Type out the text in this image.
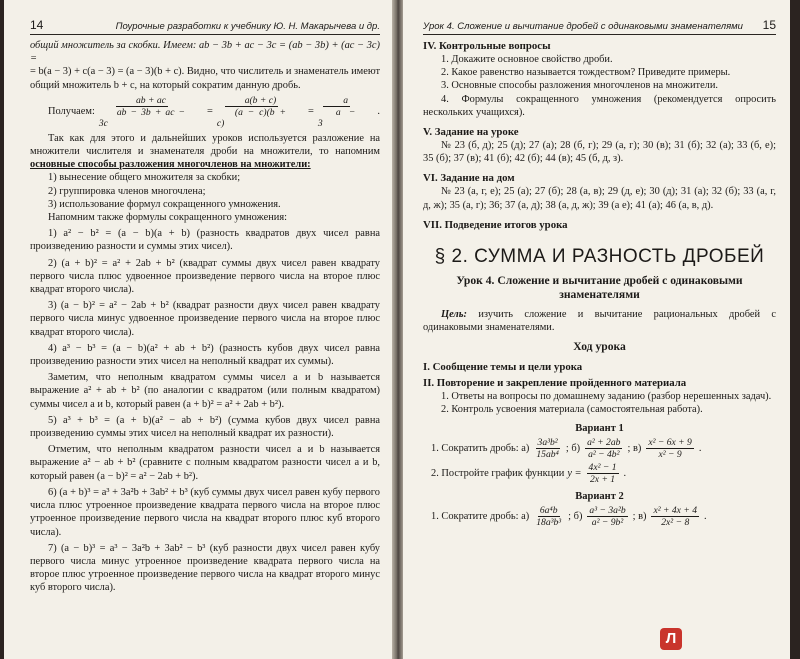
14	Поурочные разработки к учебнику Ю. Н. Макарычева и др.

общий множитель за скобки. Имеем: ab − 3b + ac − 3c = (ab − 3b) + (ac − 3c) =

= b(a − 3) + c(a − 3) = (a − 3)(b + c). Видно, что числитель и знаменатель имеют общий множитель b + c, на который сократим данную дробь.

Получаем: $\frac{ab + ac}{ab - 3b + ac - 3c} = \frac{a(b + c)}{(a - c)(b + c)} = \frac{a}{a - 3}$ .

Так как для этого и дальнейших уроков используется разложение на множители числителя и знаменателя дроби на множители, то напомним основные способы разложения многочленов на множители:

1) вынесение общего множителя за скобки;

2) группировка членов многочлена;

3) использование формул сокращенного умножения.

Напомним также формулы сокращенного умножения:

1) a² − b² = (a − b)(a + b) (разность квадратов двух чисел равна произведению разности и суммы этих чисел).

2) (a + b)² = a² + 2ab + b² (квадрат суммы двух чисел равен квадрату первого числа плюс удвоенное произведение первого числа на второе плюс квадрат второго числа).

3) (a − b)² = a² − 2ab + b² (квадрат разности двух чисел равен квадрату первого числа минус удвоенное произведение первого числа на второе плюс квадрат второго числа).

4) a³ − b³ = (a − b)(a² + ab + b²) (разность кубов двух чисел равна произведению разности этих чисел на неполный квадрат их суммы).

Заметим, что неполным квадратом суммы чисел a и b называется выражение a² + ab + b² (по аналогии с квадратом (или полным квадратом) суммы чисел a и b, который равен (a + b)² = a² + 2ab + b²).

5) a³ + b³ = (a + b)(a² − ab + b²) (сумма кубов двух чисел равна произведению суммы этих чисел на неполный квадрат их разности).

Отметим, что неполным квадратом разности чисел a и b называется выражение a² − ab + b² (сравните с полным квадратом разности чисел a и b, который равен (a − b)² = a² − 2ab + b²).

6) (a + b)³ = a³ + 3a²b + 3ab² + b³ (куб суммы двух чисел равен кубу первого числа плюс утроенное произведение квадрата первого числа на второе плюс утроенное произведение первого числа на квадрат второго плюс куб второго числа).

7) (a − b)³ = a³ − 3a²b + 3ab² − b³ (куб разности двух чисел равен кубу первого числа минус утроенное произведение квадрата первого числа на второе плюс утроенное произведение первого числа на квадрат второго минус куб второго числа).

Урок 4. Сложение и вычитание дробей с одинаковыми знаменателями 15

IV. Контрольные вопросы

1. Докажите основное свойство дроби.

2. Какое равенство называется тождеством? Приведите примеры.

3. Основные способы разложения многочленов на множители.

4. Формулы сокращенного умножения (рекомендуется опросить нескольких учащихся).

V. Задание на уроке

№ 23 (б, д); 25 (д); 27 (а); 28 (б, г); 29 (а, г); 30 (в); 31 (б); 32 (а); 33 (б, е); 35 (б); 37 (в); 41 (б); 42 (б); 44 (в); 45 (б, д, з).

VI. Задание на дом

№ 23 (а, г, е); 25 (а); 27 (б); 28 (а, в); 29 (д, е); 30 (д); 31 (а); 32 (б); 33 (а, г, д, ж); 35 (а, г); 36; 37 (а, д); 38 (а, д, ж); 39 (а е); 41 (а); 46 (а, в, д).

VII. Подведение итогов урока

§ 2. СУММА И РАЗНОСТЬ ДРОБЕЙ

Урок 4. Сложение и вычитание дробей с одинаковыми знаменателями

Цель: изучить сложение и вычитание рациональных дробей с одинаковыми знаменателями.

Ход урока

I. Сообщение темы и цели урока

II. Повторение и закрепление пройденного материала

1. Ответы на вопросы по домашнему заданию (разбор нерешенных задач).

2. Контроль усвоения материала (самостоятельная работа).

Вариант 1

1. Сократить дробь: $а) \frac{\text{3a³b²}}{\text{15ab⁴}}$ ; $б) \frac{\text{a² + 2ab}}{\text{a² − 4b²}}$ ; $в) \frac{\text{x² − 6x + 9}}{\text{x² − 9}}$ .
2. Постройте график функции $y = \frac{\text{4x² − 1}}{2x + 1}$ .

Вариант 2

1. Сократите дробь: $а) \frac{\text{6a⁴b}}{\text{18a³b³}}$ ; $б) \frac{\text{a³ − 3a²b}}{\text{a² − 9b²}}$ ; $в) \frac{\text{x² + 4x + 4}}{\text{2x² − 8}}$ .
Л
